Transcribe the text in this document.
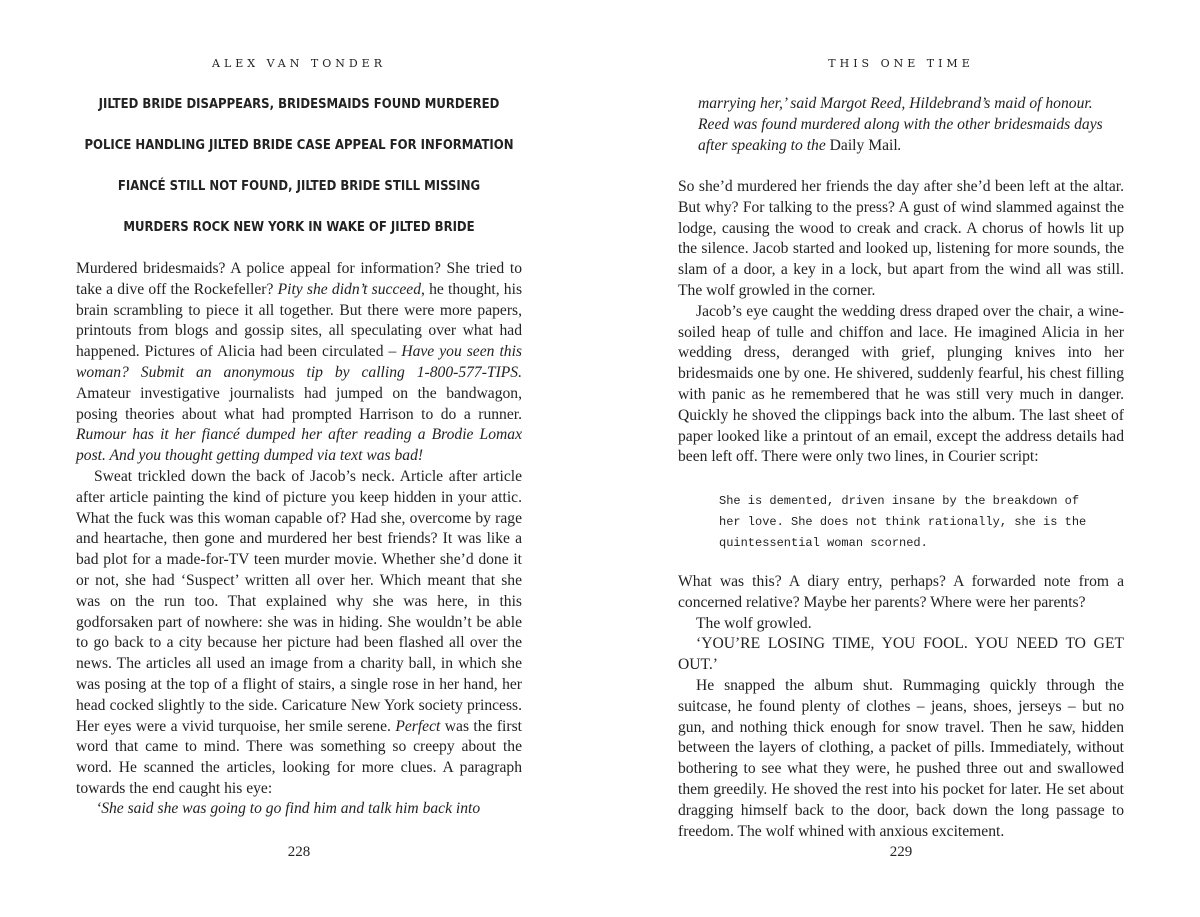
ALEX VAN TONDER
JILTED BRIDE DISAPPEARS, BRIDESMAIDS FOUND MURDERED
POLICE HANDLING JILTED BRIDE CASE APPEAL FOR INFORMATION
FIANCÉ STILL NOT FOUND, JILTED BRIDE STILL MISSING
MURDERS ROCK NEW YORK IN WAKE OF JILTED BRIDE

Murdered bridesmaids? A police appeal for information? She tried to take a dive off the Rockefeller? Pity she didn’t succeed, he thought, his brain scrambling to piece it all together. But there were more papers, printouts from blogs and gossip sites, all speculating over what had happened. Pictures of Alicia had been circulated – Have you seen this woman? Submit an anonymous tip by calling 1-800-577-TIPS. Amateur investigative journalists had jumped on the bandwagon, posing theories about what had prompted Harrison to do a runner. Rumour has it her fiancé dumped her after reading a Brodie Lomax post. And you thought getting dumped via text was bad!

Sweat trickled down the back of Jacob’s neck. Article after article after article painting the kind of picture you keep hidden in your attic. What the fuck was this woman capable of? Had she, overcome by rage and heartache, then gone and murdered her best friends? It was like a bad plot for a made-for-TV teen murder movie. Whether she’d done it or not, she had ‘Suspect’ written all over her. Which meant that she was on the run too. That explained why she was here, in this godforsaken part of nowhere: she was in hiding. She wouldn’t be able to go back to a city because her picture had been flashed all over the news. The articles all used an image from a charity ball, in which she was posing at the top of a flight of stairs, a single rose in her hand, her head cocked slightly to the side. Caricature New York society princess. Her eyes were a vivid turquoise, her smile serene. Perfect was the first word that came to mind. There was something so creepy about the word. He scanned the articles, looking for more clues. A paragraph towards the end caught his eye:

‘She said she was going to go find him and talk him back into
228
THIS ONE TIME
marrying her,’ said Margot Reed, Hildebrand’s maid of honour. Reed was found murdered along with the other bridesmaids days after speaking to the Daily Mail.

So she’d murdered her friends the day after she’d been left at the altar. But why? For talking to the press? A gust of wind slammed against the lodge, causing the wood to creak and crack. A chorus of howls lit up the silence. Jacob started and looked up, listening for more sounds, the slam of a door, a key in a lock, but apart from the wind all was still. The wolf growled in the corner.

Jacob’s eye caught the wedding dress draped over the chair, a wine-soiled heap of tulle and chiffon and lace. He imagined Alicia in her wedding dress, deranged with grief, plunging knives into her bridesmaids one by one. He shivered, suddenly fearful, his chest filling with panic as he remembered that he was still very much in danger. Quickly he shoved the clippings back into the album. The last sheet of paper looked like a printout of an email, except the address details had been left off. There were only two lines, in Courier script:

She is demented, driven insane by the breakdown of
her love. She does not think rationally, she is the
quintessential woman scorned.

What was this? A diary entry, perhaps? A forwarded note from a concerned relative? Maybe her parents? Where were her parents?

The wolf growled.

‘YOU’RE LOSING TIME, YOU FOOL. YOU NEED TO GET OUT.’

He snapped the album shut. Rummaging quickly through the suitcase, he found plenty of clothes – jeans, shoes, jerseys – but no gun, and nothing thick enough for snow travel. Then he saw, hidden between the layers of clothing, a packet of pills. Immediately, without bothering to see what they were, he pushed three out and swallowed them greedily. He shoved the rest into his pocket for later. He set about dragging himself back to the door, back down the long passage to freedom. The wolf whined with anxious excitement.

229
